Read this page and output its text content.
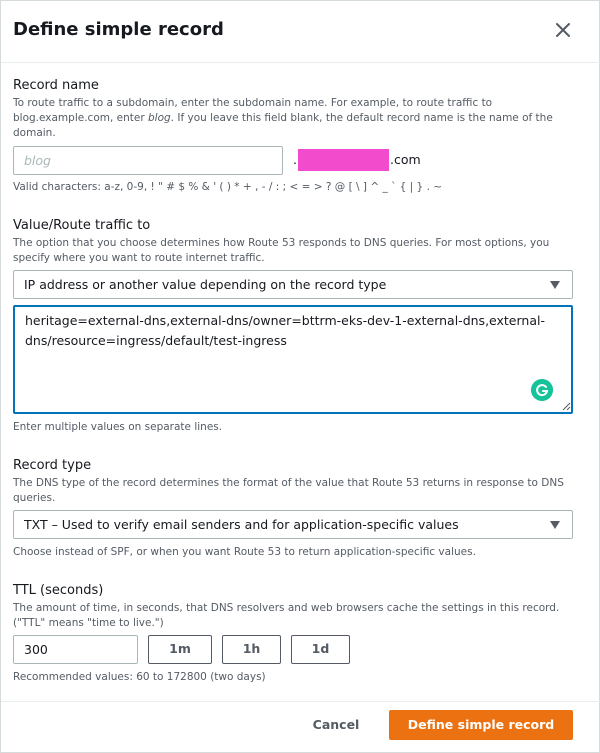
Define simple record
Record name
To route traffic to a subdomain, enter the subdomain name. For example, to route traffic to blog.example.com, enter blog. If you leave this field blank, the default record name is the name of the domain.
blog
.	.com
Valid characters: a-z, 0-9, ! " # $ % & ' ( ) * + , - / : ; < = > ? @ [ \ ] ^ _ ` { | } . ~
Value/Route traffic to
The option that you choose determines how Route 53 responds to DNS queries. For most options, you specify where you want to route internet traffic.
IP address or another value depending on the record type
heritage=external-dns,external-dns/owner=bttrm-eks-dev-1-external-dns,external-dns/resource=ingress/default/test-ingress
Enter multiple values on separate lines.
Record type
The DNS type of the record determines the format of the value that Route 53 returns in response to DNS queries.
TXT – Used to verify email senders and for application-specific values
Choose instead of SPF, or when you want Route 53 to return application-specific values.
TTL (seconds)
The amount of time, in seconds, that DNS resolvers and web browsers cache the settings in this record. ("TTL" means "time to live.")
300
1m	1h	1d
Recommended values: 60 to 172800 (two days)
Cancel	Define simple record
